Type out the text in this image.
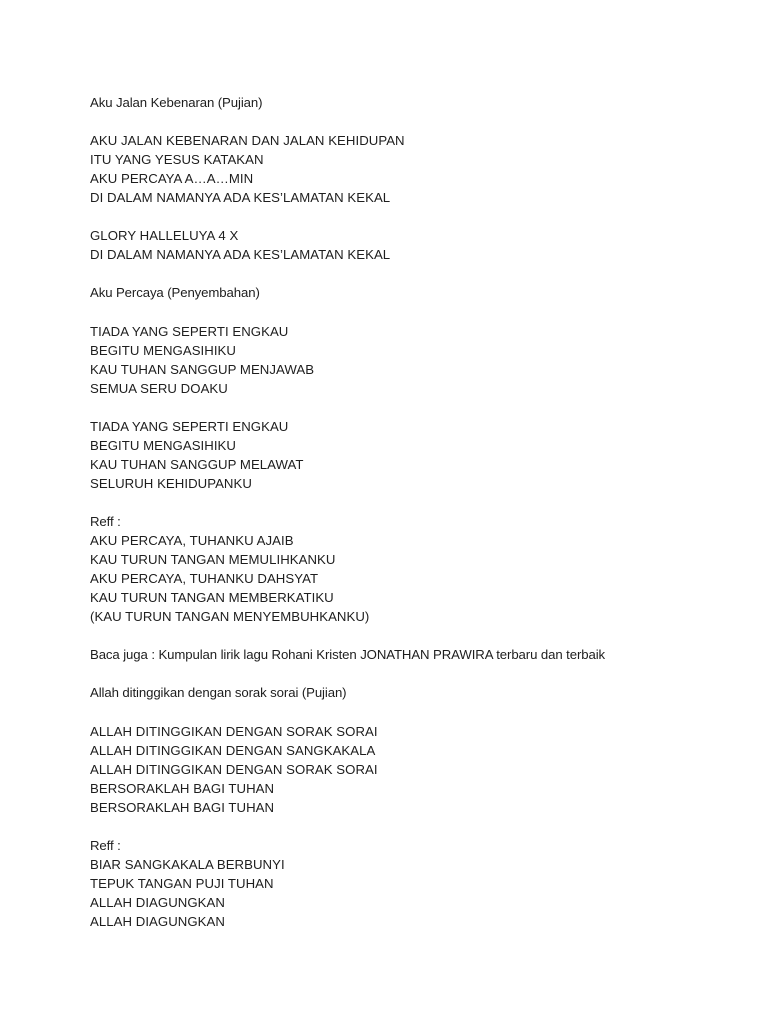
Aku Jalan Kebenaran (Pujian)
AKU JALAN KEBENARAN DAN JALAN KEHIDUPAN
ITU YANG YESUS KATAKAN
AKU PERCAYA A…A…MIN
DI DALAM NAMANYA ADA KES’LAMATAN KEKAL
GLORY HALLELUYA 4 X
DI DALAM NAMANYA ADA KES’LAMATAN KEKAL
Aku Percaya (Penyembahan)
TIADA YANG SEPERTI ENGKAU
BEGITU MENGASIHIKU
KAU TUHAN SANGGUP MENJAWAB
SEMUA SERU DOAKU
TIADA YANG SEPERTI ENGKAU
BEGITU MENGASIHIKU
KAU TUHAN SANGGUP MELAWAT
SELURUH KEHIDUPANKU
Reff :
AKU PERCAYA, TUHANKU AJAIB
KAU TURUN TANGAN MEMULIHKANKU
AKU PERCAYA, TUHANKU DAHSYAT
KAU TURUN TANGAN MEMBERKATIKU
(KAU TURUN TANGAN MENYEMBUHKANKU)
Baca juga : Kumpulan lirik lagu Rohani Kristen JONATHAN PRAWIRA terbaru dan terbaik
Allah ditinggikan dengan sorak sorai (Pujian)
ALLAH DITINGGIKAN DENGAN SORAK SORAI
ALLAH DITINGGIKAN DENGAN SANGKAKALA
ALLAH DITINGGIKAN DENGAN SORAK SORAI
BERSORAKLAH BAGI TUHAN
BERSORAKLAH BAGI TUHAN
Reff :
BIAR SANGKAKALA BERBUNYI
TEPUK TANGAN PUJI TUHAN
ALLAH DIAGUNGKAN
ALLAH DIAGUNGKAN
